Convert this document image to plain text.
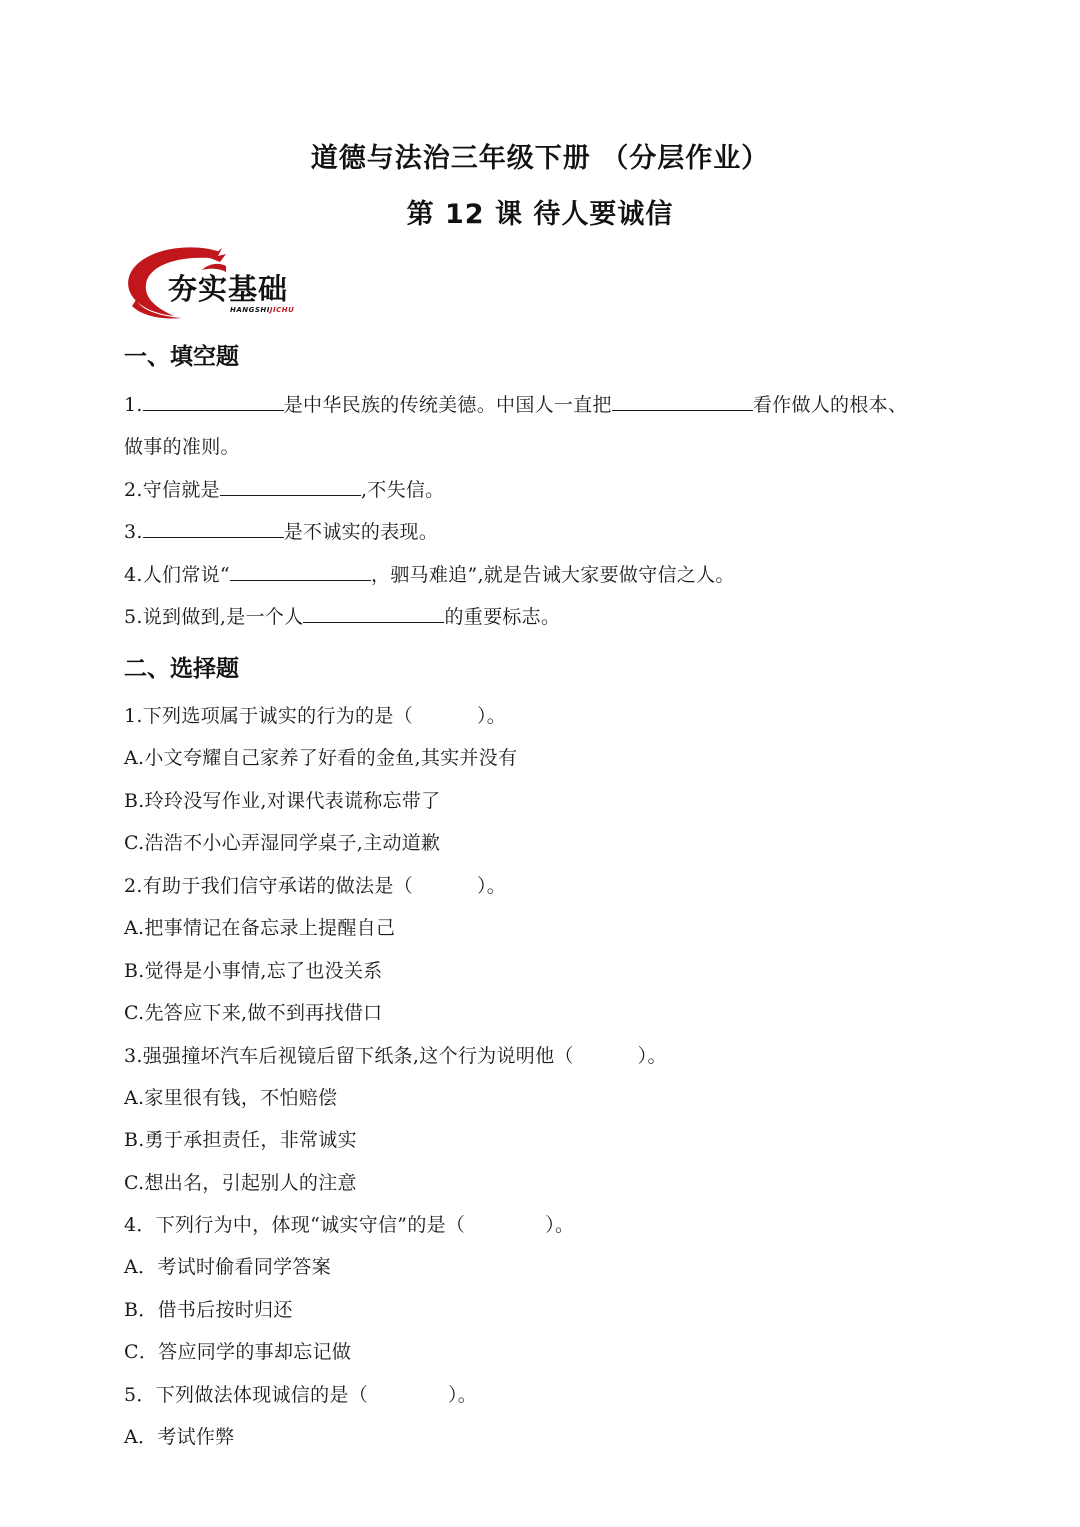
道德与法治三年级下册 （分层作业）
第 12 课 待人要诚信
夯实基础
HANGSHIJICHU
一、填空题
1.	是中华民族的传统美德。中国人一直把	看作做人的根本、
做事的准则。
2.守信就是	,不失信。
3.	是不诚实的表现。
4.人们常说“	，驷马难追”,就是告诫大家要做守信之人。
5.说到做到,是一个人	的重要标志。
二、选择题
1.下列选项属于诚实的行为的是（	）。
A.小文夸耀自己家养了好看的金鱼,其实并没有
B.玲玲没写作业,对课代表谎称忘带了
C.浩浩不小心弄湿同学桌子,主动道歉
2.有助于我们信守承诺的做法是（	）。
A.把事情记在备忘录上提醒自己
B.觉得是小事情,忘了也没关系
C.先答应下来,做不到再找借口
3.强强撞坏汽车后视镜后留下纸条,这个行为说明他（	）。
A.家里很有钱，不怕赔偿
B.勇于承担责任，非常诚实
C.想出名，引起别人的注意
4．下列行为中，体现“诚实守信”的是（	）。
A．考试时偷看同学答案
B．借书后按时归还
C．答应同学的事却忘记做
5．下列做法体现诚信的是（	）。
A．考试作弊
